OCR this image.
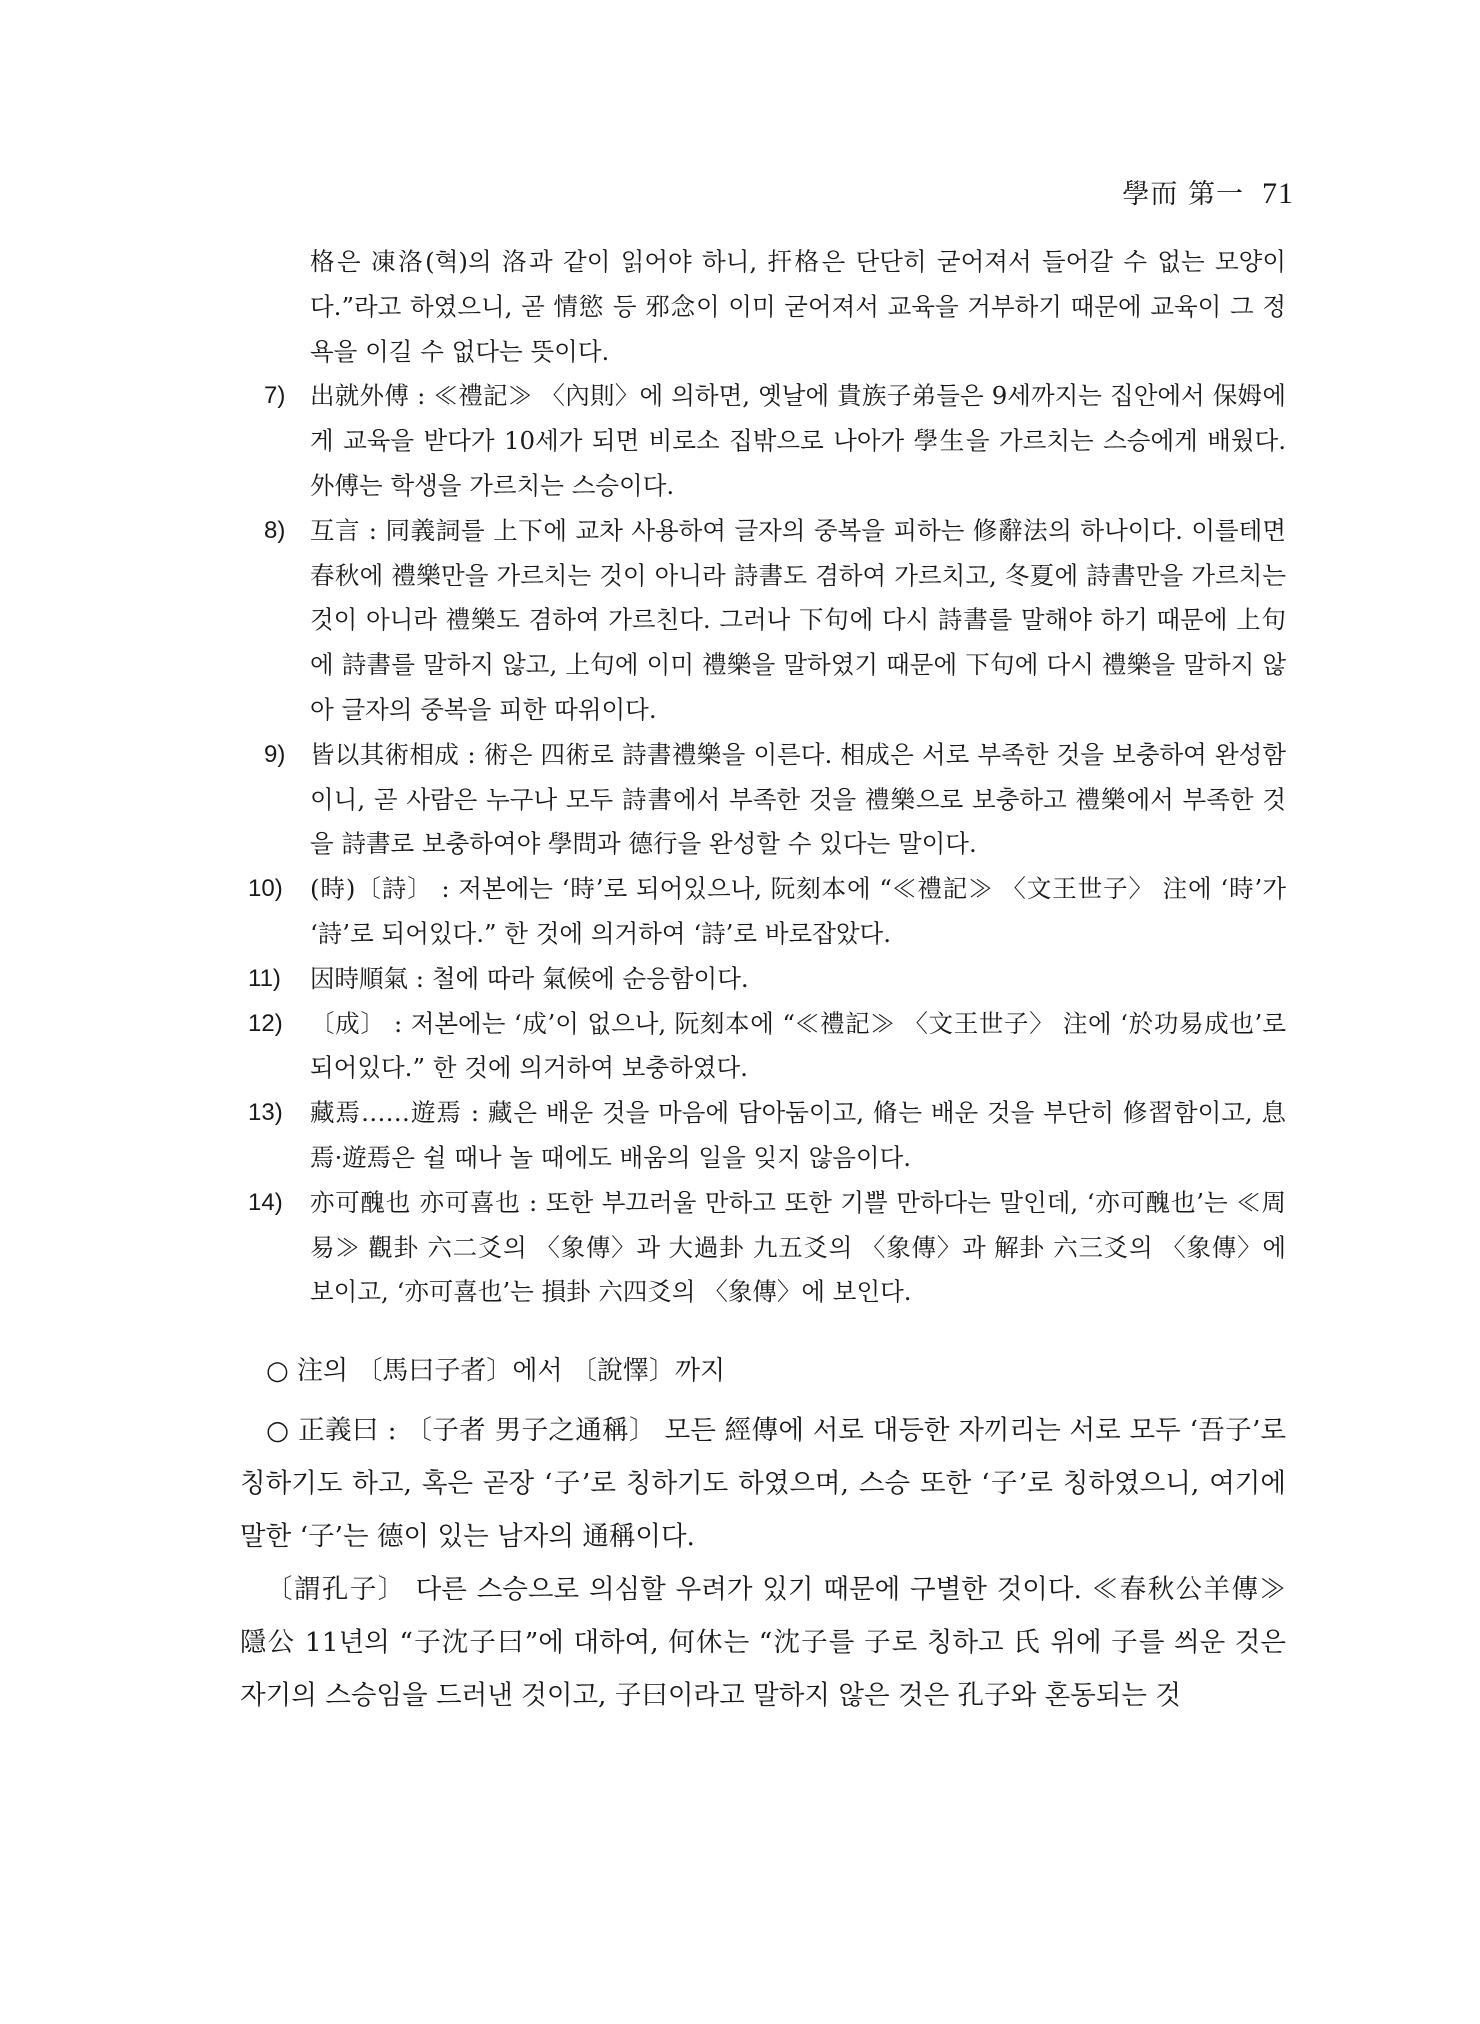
學而 第一 71
格은 凍洛(혁)의 洛과 같이 읽어야 하니, 扞格은 단단히 굳어져서 들어갈 수 없는 모양이다.”라고 하였으니, 곧 情慾 등 邪念이 이미 굳어져서 교육을 거부하기 때문에 교육이 그 정욕을 이길 수 없다는 뜻이다.
7) 出就外傅 : ≪禮記≫ 〈內則〉에 의하면, 옛날에 貴族子弟들은 9세까지는 집안에서 保姆에게 교육을 받다가 10세가 되면 비로소 집밖으로 나아가 學生을 가르치는 스승에게 배웠다. 外傅는 학생을 가르치는 스승이다.
8) 互言 : 同義詞를 上下에 교차 사용하여 글자의 중복을 피하는 修辭法의 하나이다. 이를테면 春秋에 禮樂만을 가르치는 것이 아니라 詩書도 겸하여 가르치고, 冬夏에 詩書만을 가르치는 것이 아니라 禮樂도 겸하여 가르친다. 그러나 下句에 다시 詩書를 말해야 하기 때문에 上句에 詩書를 말하지 않고, 上句에 이미 禮樂을 말하였기 때문에 下句에 다시 禮樂을 말하지 않아 글자의 중복을 피한 따위이다.
9) 皆以其術相成 : 術은 四術로 詩書禮樂을 이른다. 相成은 서로 부족한 것을 보충하여 완성함이니, 곧 사람은 누구나 모두 詩書에서 부족한 것을 禮樂으로 보충하고 禮樂에서 부족한 것을 詩書로 보충하여야 學問과 德行을 완성할 수 있다는 말이다.
10) (時)〔詩〕 : 저본에는 ‘時’로 되어있으나, 阮刻本에 “≪禮記≫ 〈文王世子〉 注에 ‘時’가 ‘詩’로 되어있다.” 한 것에 의거하여 ‘詩’로 바로잡았다.
11) 因時順氣 : 철에 따라 氣候에 순응함이다.
12) 〔成〕 : 저본에는 ‘成’이 없으나, 阮刻本에 “≪禮記≫ 〈文王世子〉 注에 ‘於功易成也’로 되어있다.” 한 것에 의거하여 보충하였다.
13) 藏焉……遊焉 : 藏은 배운 것을 마음에 담아둠이고, 脩는 배운 것을 부단히 修習함이고, 息焉·遊焉은 쉴 때나 놀 때에도 배움의 일을 잊지 않음이다.
14) 亦可醜也 亦可喜也 : 또한 부끄러울 만하고 또한 기쁠 만하다는 말인데, ‘亦可醜也’는 ≪周易≫ 觀卦 六二爻의 〈象傳〉과 大過卦 九五爻의 〈象傳〉과 解卦 六三爻의 〈象傳〉에 보이고, ‘亦可喜也’는 損卦 六四爻의 〈象傳〉에 보인다.

○ 注의 〔馬曰子者〕에서 〔說懌〕까지

○ 正義曰 : 〔子者 男子之通稱〕 모든 經傳에 서로 대등한 자끼리는 서로 모두 ‘吾子’로 칭하기도 하고, 혹은 곧장 ‘子’로 칭하기도 하였으며, 스승 또한 ‘子’로 칭하였으니, 여기에 말한 ‘子’는 德이 있는 남자의 通稱이다.

〔謂孔子〕 다른 스승으로 의심할 우려가 있기 때문에 구별한 것이다. ≪春秋公羊傳≫ 隱公 11년의 “子沈子曰”에 대하여, 何休는 “沈子를 子로 칭하고 氏 위에 子를 씌운 것은 자기의 스승임을 드러낸 것이고, 子曰이라고 말하지 않은 것은 孔子와 혼동되는 것
